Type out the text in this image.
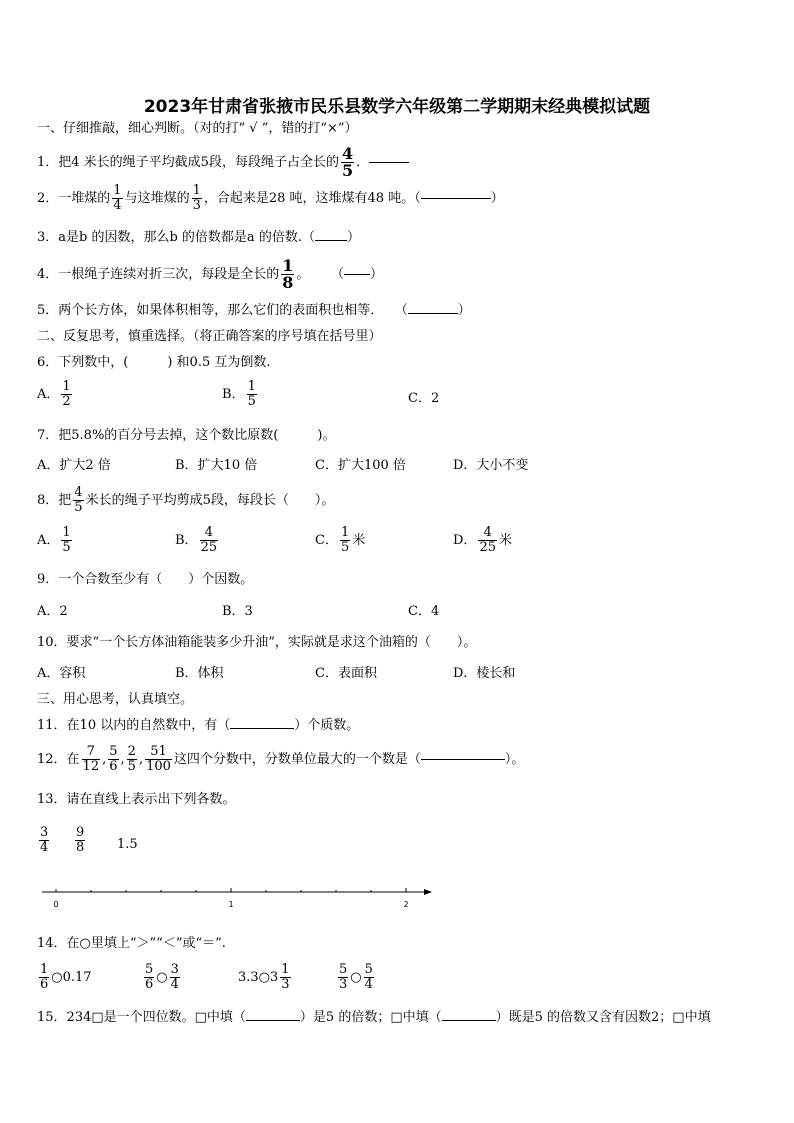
2023年甘肃省张掖市民乐县数学六年级第二学期期末经典模拟试题
一、仔细推敲，细心判断。（对的打“ √ ”，错的打“×”）
1．把4 米长的绳子平均截成5段，每段绳子占全长的 $\frac{4}{5}$ ．
2．一堆煤的 $\frac{1}{4}$ 与这堆煤的 $\frac{1}{3}$ ，合起来是28 吨，这堆煤有48 吨。（	）
3．a是b 的因数，那么b 的倍数都是a 的倍数.（ ）
4．一根绳子连续对折三次，每段是全长的 $\frac{1}{8}$ 。 （ ）
5．两个长方体，如果体积相等，那么它们的表面积也相等． （	）
二、反复思考，慎重选择。（将正确答案的序号填在括号里）
6．下列数中，(　　　) 和0.5 互为倒数.
A． $\frac{1}{2}$	B． $\frac{1}{5}$	C．2
7．把5.8%的百分号去掉，这个数比原数(　　　)。
A．扩大2 倍	B．扩大10 倍	C．扩大100 倍	D．大小不变
8．把 $\frac{4}{5}$ 米长的绳子平均剪成5段，每段长（　　）。
A． $\frac{1}{5}$	B． $\frac{4}{25}$	C． $\frac{1}{5}$ 米	D． $\frac{4}{25}$ 米
9．一个合数至少有（　　）个因数。
A．2	B．3	C．4
10．要求“一个长方体油箱能装多少升油”，实际就是求这个油箱的（　　）。
A．容积	B．体积	C．表面积	D．棱长和
三、用心思考，认真填空。
11．在10 以内的自然数中，有（	）个质数。
12．在 $\frac{7}{12}$ , $\frac{5}{6}$ , $\frac{2}{5}$ , $\frac{51}{100}$ 这四个分数中，分数单位最大的一个数是（	）。
13．请在直线上表示出下列各数。
$\frac{3}{4} \frac{9}{8} 1.5$
0	1	2
14．在○里填上“＞”“＜”或“＝”.
$\frac{1}{6}$ ○0.17	$\frac{5}{6}$ ○ $\frac{3}{4}$	3.3○3 $\frac{1}{3}$	$\frac{5}{3}$ ○ $\frac{5}{4}$
15．234□是一个四位数。□中填（	）是5 的倍数；□中填（	）既是5 的倍数又含有因数2；□中填
